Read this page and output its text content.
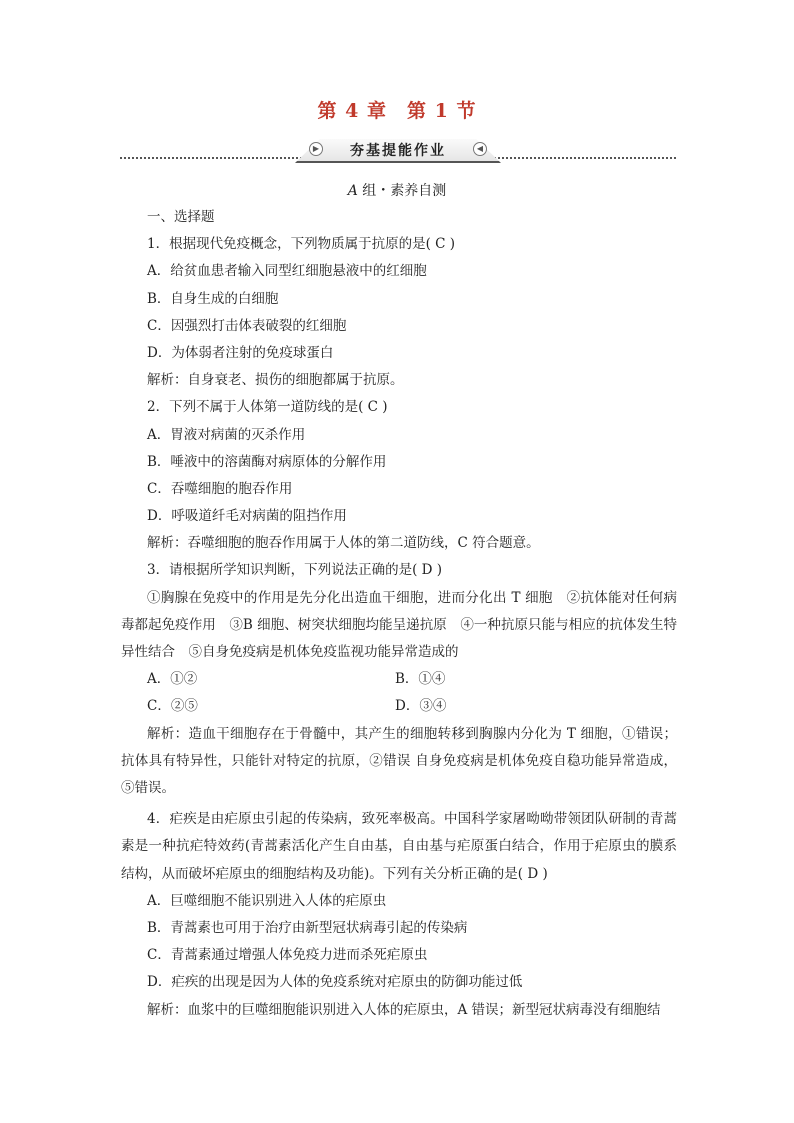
第 4 章　第 1 节
▶	◀
夯基提能作业
A 组・素养自测
一、选择题
1．根据现代免疫概念，下列物质属于抗原的是( C )
A．给贫血患者输入同型红细胞悬液中的红细胞
B．自身生成的白细胞
C．因强烈打击体表破裂的红细胞
D．为体弱者注射的免疫球蛋白
解析：自身衰老、损伤的细胞都属于抗原。
2．下列不属于人体第一道防线的是( C )
A．胃液对病菌的灭杀作用
B．唾液中的溶菌酶对病原体的分解作用
C．吞噬细胞的胞吞作用
D．呼吸道纤毛对病菌的阻挡作用
解析：吞噬细胞的胞吞作用属于人体的第二道防线，C 符合题意。
3．请根据所学知识判断，下列说法正确的是( D )
①胸腺在免疫中的作用是先分化出造血干细胞，进而分化出 T 细胞　②抗体能对任何病毒都起免疫作用　③B 细胞、树突状细胞均能呈递抗原　④一种抗原只能与相应的抗体发生特异性结合　⑤自身免疫病是机体免疫监视功能异常造成的
A．①②	B．①④
C．②⑤	D．③④
解析：造血干细胞存在于骨髓中，其产生的细胞转移到胸腺内分化为 T 细胞，①错误；抗体具有特异性，只能针对特定的抗原，②错误 自身免疫病是机体免疫自稳功能异常造成，⑤错误。
4．疟疾是由疟原虫引起的传染病，致死率极高。中国科学家屠呦呦带领团队研制的青蒿素是一种抗疟特效药(青蒿素活化产生自由基，自由基与疟原蛋白结合，作用于疟原虫的膜系结构，从而破坏疟原虫的细胞结构及功能)。下列有关分析正确的是( D )
A．巨噬细胞不能识别进入人体的疟原虫
B．青蒿素也可用于治疗由新型冠状病毒引起的传染病
C．青蒿素通过增强人体免疫力进而杀死疟原虫
D．疟疾的出现是因为人体的免疫系统对疟原虫的防御功能过低
解析：血浆中的巨噬细胞能识别进入人体的疟原虫，A 错误；新型冠状病毒没有细胞结
